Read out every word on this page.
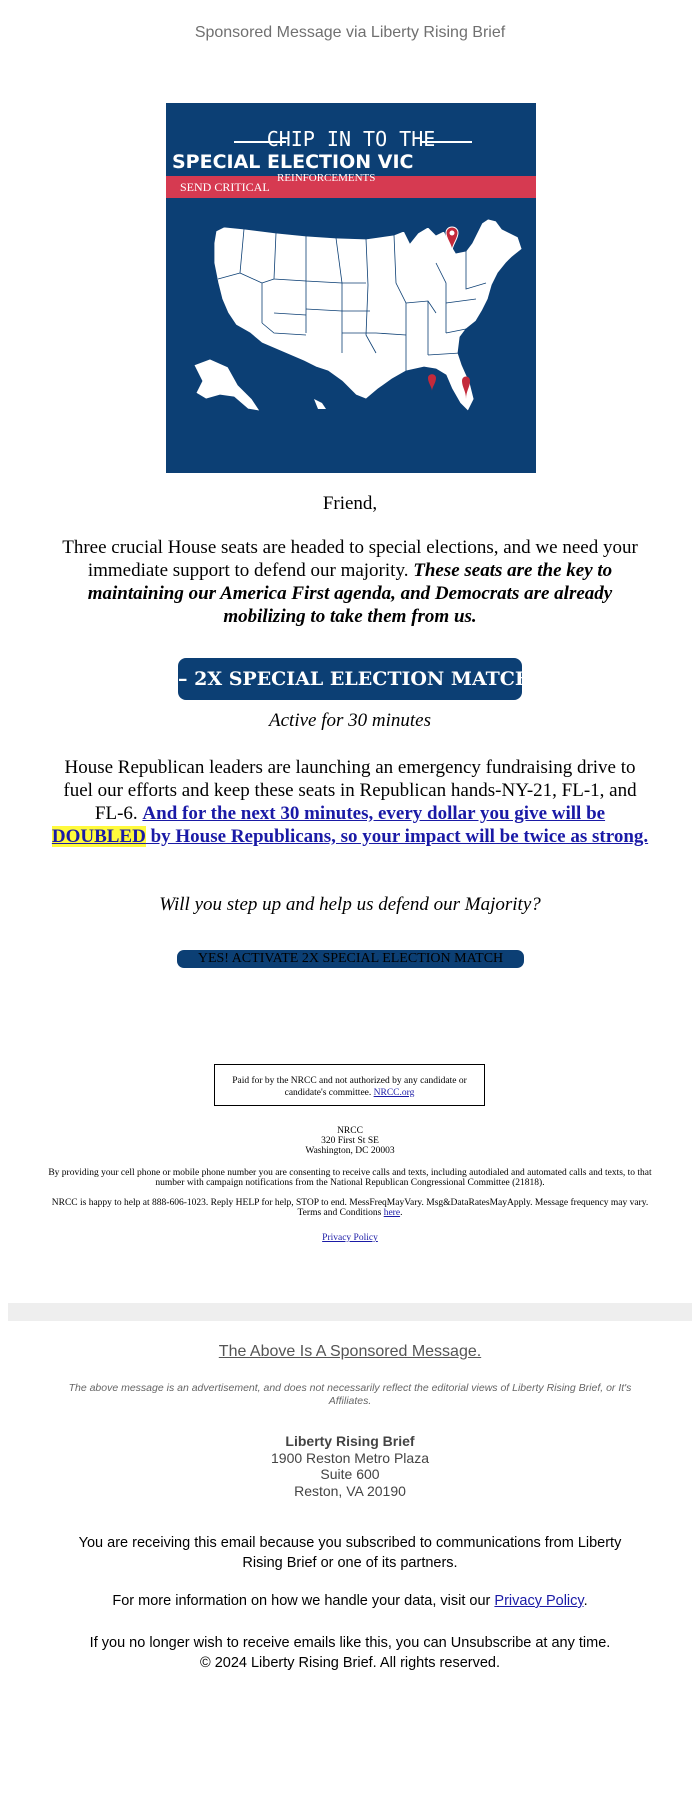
Sponsored Message via Liberty Rising Brief
CHIP IN TO THE
SPECIAL ELECTION VIC
REINFORCEMENTS
SEND CRITICAL
Friend,
Three crucial House seats are headed to special elections, and we need your immediate support to defend our majority. These seats are the key to maintaining our America First agenda, and Democrats are already mobilizing to take them from us.
– 2X SPECIAL ELECTION MATCH-
Active for 30 minutes
House Republican leaders are launching an emergency fundraising drive to fuel our efforts and keep these seats in Republican hands-NY-21, FL-1, and FL-6. And for the next 30 minutes, every dollar you give will be DOUBLED by House Republicans, so your impact will be twice as strong.
Will you step up and help us defend our Majority?
YES! ACTIVATE 2X SPECIAL ELECTION MATCH
Paid for by the NRCC and not authorized by any candidate or candidate's committee. NRCC.org
NRCC
320 First St SE
Washington, DC 20003
By providing your cell phone or mobile phone number you are consenting to receive calls and texts, including autodialed and automated calls and texts, to that number with campaign notifications from the National Republican Congressional Committee (21818).
NRCC is happy to help at 888-606-1023. Reply HELP for help, STOP to end. MessFreqMayVary. Msg&DataRatesMayApply. Message frequency may vary. Terms and Conditions here.
Privacy Policy
The Above Is A Sponsored Message.
The above message is an advertisement, and does not necessarily reflect the editorial views of Liberty Rising Brief, or It's Affiliates.
Liberty Rising Brief
1900 Reston Metro Plaza
Suite 600
Reston, VA 20190
You are receiving this email because you subscribed to communications from Liberty Rising Brief or one of its partners.
For more information on how we handle your data, visit our Privacy Policy.
If you no longer wish to receive emails like this, you can Unsubscribe at any time.
© 2024 Liberty Rising Brief. All rights reserved.
